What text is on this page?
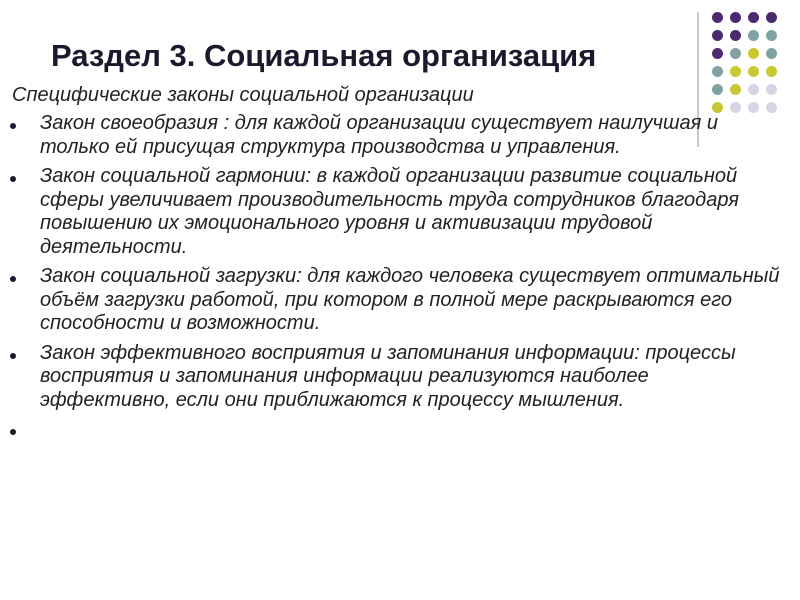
Раздел 3. Социальная организация
Специфические законы социальной организации
Закон своеобразия : для каждой организации существует наилучшая и только ей присущая структура производства и управления.
Закон социальной гармонии: в каждой организации развитие социальной сферы увеличивает производительность труда сотрудников благодаря повышению их эмоционального уровня и активизации трудовой деятельности.
Закон социальной загрузки: для каждого человека существует оптимальный объём загрузки работой, при котором в полной мере раскрываются его способности и возможности.
Закон эффективного восприятия и запоминания информации: процессы восприятия и запоминания информации реализуются наиболее эффективно, если они приближаются к процессу мышления.
